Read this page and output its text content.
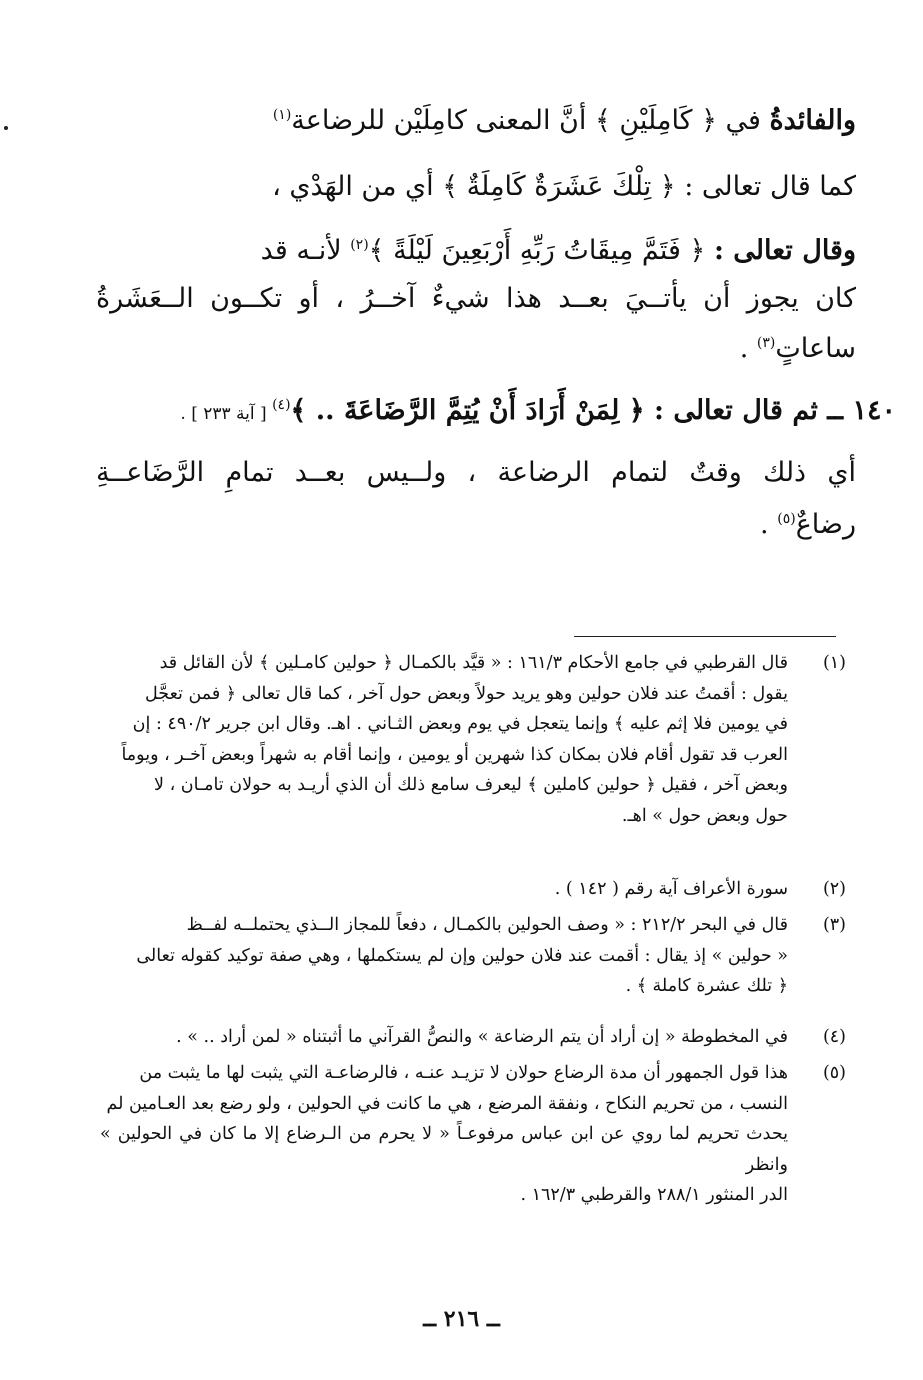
والفائدةُ في ﴿ كَامِلَيْنِ ﴾ أنَّ المعنى كامِلَيْن للرضاعة$^{(١)}$
كما قال تعالى : ﴿ تِلْكَ عَشَرَةٌ كَامِلَةٌ ﴾ أي من الهَدْي ،
وقال تعالى : ﴿ فَتَمَّ مِيقَاتُ رَبِّهِ أَرْبَعِينَ لَيْلَةً ﴾$^{(٢)}$ لأنـه قد
كان يجوز أن يأتــيَ بعــد هذا شيءٌ آخــرُ ، أو تكــون الــعَشَرةُ
ساعاتٍ$^{(٣)}$ .
١٤٠ ــ ثم قال تعالى : ﴿ لِمَنْ أَرَادَ أَنْ يُتِمَّ الرَّضَاعَةَ .. ﴾$^{(٤)}$ [ آية ٢٣٣ ] .
أي ذلك وقتٌ لتمام الرضاعة ، ولــيس بعــد تمامِ الرَّضَاعــةِ
رضاعٌ$^{(٥)}$ .
(١)
قال القرطبي في جامع الأحكام ١٦١/٣ : « قيَّد بالكمـال ﴿ حولين كامـلين ﴾ لأن القائل قد
يقول : أقمتُ عند فلان حولين وهو يريد حولاً وبعض حول آخر ، كما قال تعالى ﴿ فمن تعجَّل
في يومين فلا إثم عليه ﴾ وإنما يتعجل في يوم وبعض الثـاني . اهـ. وقال ابن جرير ٤٩٠/٢ : إن
العرب قد تقول أقام فلان بمكان كذا شهرين أو يومين ، وإنما أقام به شهراً وبعض آخـر ، ويوماً
وبعض آخر ، فقيل ﴿ حولين كاملين ﴾ ليعرف سامع ذلك أن الذي أريـد به حولان تامـان ، لا
حول وبعض حول » اهـ.
(٢)
سورة الأعراف آية رقم ( ١٤٢ ) .
(٣)
قال في البحر ٢١٢/٢ : « وصف الحولين بالكمـال ، دفعاً للمجاز الــذي يحتملــه لفــظ
« حولين » إذ يقال : أقمت عند فلان حولين وإن لم يستكملها ، وهي صفة توكيد كقوله تعالى
﴿ تلك عشرة كاملة ﴾ .
(٤)
في المخطوطة « إن أراد أن يتم الرضاعة » والنصُّ القرآني ما أثبتناه « لمن أراد .. » .
(٥)
هذا قول الجمهور أن مدة الرضاع حولان لا تزيـد عنـه ، فالرضاعـة التي يثبت لها ما يثبت من
النسب ، من تحريم النكاح ، ونفقة المرضع ، هي ما كانت في الحولين ، ولو رضع بعد العـامين لم
يحدث تحريم لما روي عن ابن عباس مرفوعـاً « لا يحرم من الـرضاع إلا ما كان في الحولين » وانظر
الدر المنثور ٢٨٨/١ والقرطبي ١٦٢/٣ .
ــ ٢١٦ ــ
